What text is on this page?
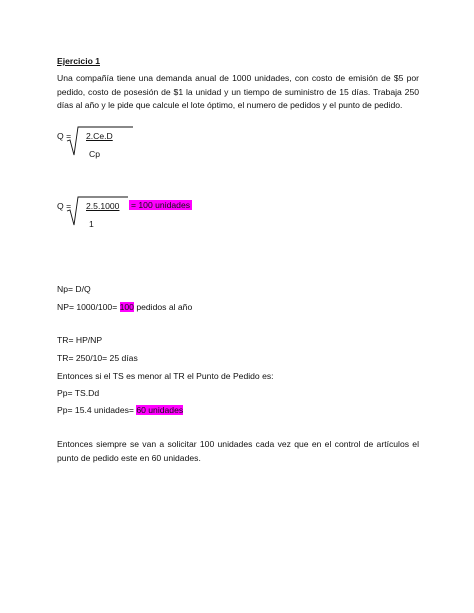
Ejercicio 1
Una compañía tiene una demanda anual de 1000 unidades, con costo de emisión de $5 por pedido, costo de posesión de $1 la unidad y un tiempo de suministro de 15 días. Trabaja 250 días al año y le pide que calcule el lote óptimo, el numero de pedidos y el punto de pedido.
Q = 2.Ce.D
Cp
Q = 2.5.1000 = 100 unidades
1
Np= D/Q
NP= 1000/100= 100 pedidos al año
TR= HP/NP
TR= 250/10= 25 días
Entonces si el TS es menor al TR el Punto de Pedido es:
Pp= TS.Dd
Pp= 15.4 unidades= 60 unidades
Entonces siempre se van a solicitar 100 unidades cada vez que en el control de artículos el punto de pedido este en 60 unidades.
